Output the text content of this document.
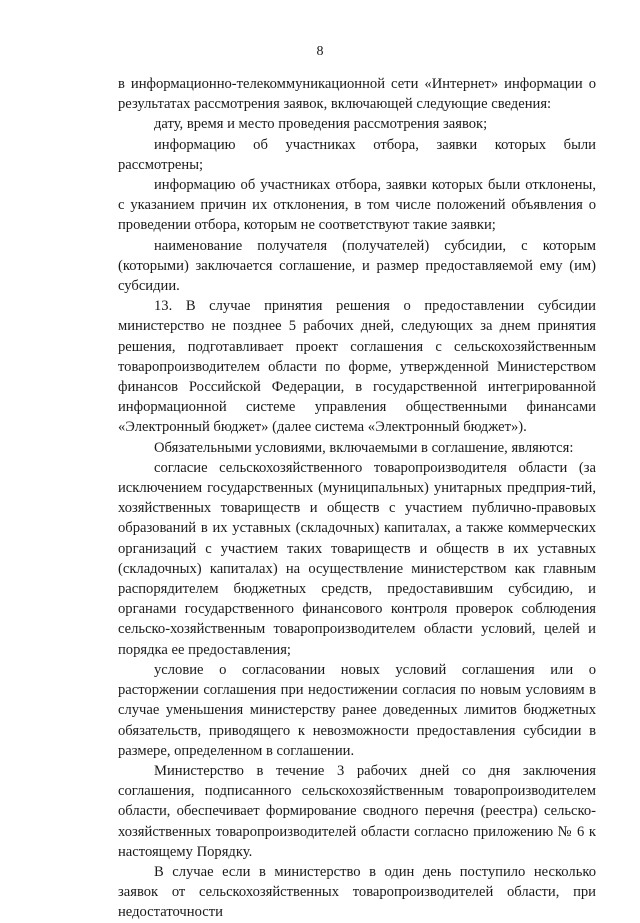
8

в информационно-телекоммуникационной сети «Интернет» информации о результатах рассмотрения заявок, включающей следующие сведения:

дату, время и место проведения рассмотрения заявок;

информацию об участниках отбора, заявки которых были рассмотрены;

информацию об участниках отбора, заявки которых были отклонены, с указанием причин их отклонения, в том числе положений объявления о проведении отбора, которым не соответствуют такие заявки;

наименование получателя (получателей) субсидии, с которым (которыми) заключается соглашение, и размер предоставляемой ему (им) субсидии.

13. В случае принятия решения о предоставлении субсидии министерство не позднее 5 рабочих дней, следующих за днем принятия решения, подготавливает проект соглашения с сельскохозяйственным товаропроизводителем области по форме, утвержденной Министерством финансов Российской Федерации, в государственной интегрированной информационной системе управления общественными финансами «Электронный бюджет» (далее система «Электронный бюджет»).

Обязательными условиями, включаемыми в соглашение, являются:

согласие сельскохозяйственного товаропроизводителя области (за исключением государственных (муниципальных) унитарных предприя-тий, хозяйственных товариществ и обществ с участием публично-правовых образований в их уставных (складочных) капиталах, а также коммерческих организаций с участием таких товариществ и обществ в их уставных (складочных) капиталах) на осуществление министерством как главным распорядителем бюджетных средств, предоставившим субсидию, и органами государственного финансового контроля проверок соблюдения сельско-хозяйственным товаропроизводителем области условий, целей и порядка ее предоставления;

условие о согласовании новых условий соглашения или о расторжении соглашения при недостижении согласия по новым условиям в случае уменьшения министерству ранее доведенных лимитов бюджетных обязательств, приводящего к невозможности предоставления субсидии в размере, определенном в соглашении.

Министерство в течение 3 рабочих дней со дня заключения соглашения, подписанного сельскохозяйственным товаропроизводителем области, обеспечивает формирование сводного перечня (реестра) сельско-хозяйственных товаропроизводителей области согласно приложению № 6 к настоящему Порядку.

В случае если в министерство в один день поступило несколько заявок от сельскохозяйственных товаропроизводителей области, при недостаточности
